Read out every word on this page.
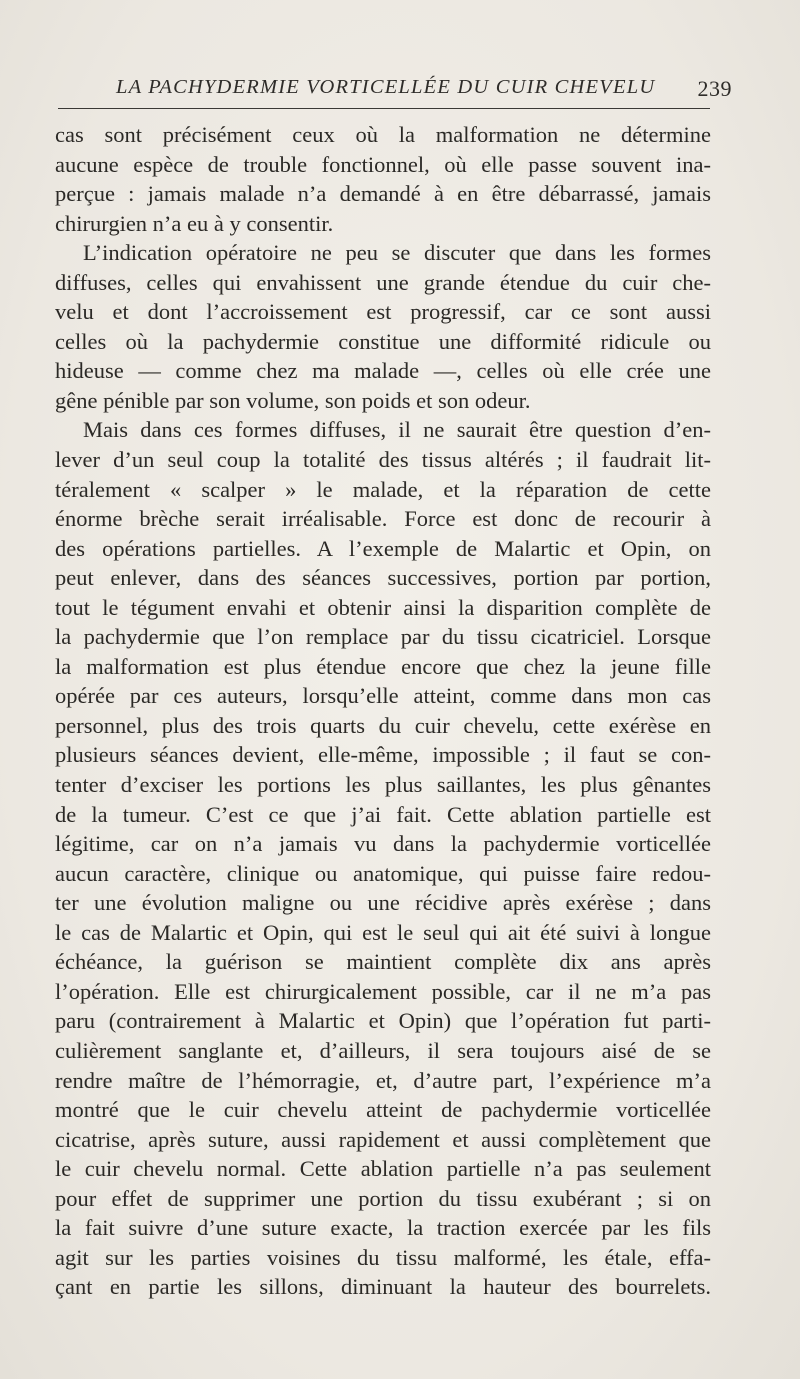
LA PACHYDERMIE VORTICELLÉE DU CUIR CHEVELU 239
cas sont précisément ceux où la malformation ne détermine
aucune espèce de trouble fonctionnel, où elle passe souvent ina-
perçue : jamais malade n’a demandé à en être débarrassé, jamais
chirurgien n’a eu à y consentir.
L’indication opératoire ne peu se discuter que dans les formes
diffuses, celles qui envahissent une grande étendue du cuir che-
velu et dont l’accroissement est progressif, car ce sont aussi
celles où la pachydermie constitue une difformité ridicule ou
hideuse — comme chez ma malade —, celles où elle crée une
gêne pénible par son volume, son poids et son odeur.
Mais dans ces formes diffuses, il ne saurait être question d’en-
lever d’un seul coup la totalité des tissus altérés ; il faudrait lit-
téralement « scalper » le malade, et la réparation de cette
énorme brèche serait irréalisable. Force est donc de recourir à
des opérations partielles. A l’exemple de Malartic et Opin, on
peut enlever, dans des séances successives, portion par portion,
tout le tégument envahi et obtenir ainsi la disparition complète de
la pachydermie que l’on remplace par du tissu cicatriciel. Lorsque
la malformation est plus étendue encore que chez la jeune fille
opérée par ces auteurs, lorsqu’elle atteint, comme dans mon cas
personnel, plus des trois quarts du cuir chevelu, cette exérèse en
plusieurs séances devient, elle-même, impossible ; il faut se con-
tenter d’exciser les portions les plus saillantes, les plus gênantes
de la tumeur. C’est ce que j’ai fait. Cette ablation partielle est
légitime, car on n’a jamais vu dans la pachydermie vorticellée
aucun caractère, clinique ou anatomique, qui puisse faire redou-
ter une évolution maligne ou une récidive après exérèse ; dans
le cas de Malartic et Opin, qui est le seul qui ait été suivi à longue
échéance, la guérison se maintient complète dix ans après
l’opération. Elle est chirurgicalement possible, car il ne m’a pas
paru (contrairement à Malartic et Opin) que l’opération fut parti-
culièrement sanglante et, d’ailleurs, il sera toujours aisé de se
rendre maître de l’hémorragie, et, d’autre part, l’expérience m’a
montré que le cuir chevelu atteint de pachydermie vorticellée
cicatrise, après suture, aussi rapidement et aussi complètement que
le cuir chevelu normal. Cette ablation partielle n’a pas seulement
pour effet de supprimer une portion du tissu exubérant ; si on
la fait suivre d’une suture exacte, la traction exercée par les fils
agit sur les parties voisines du tissu malformé, les étale, effa-
çant en partie les sillons, diminuant la hauteur des bourrelets.
